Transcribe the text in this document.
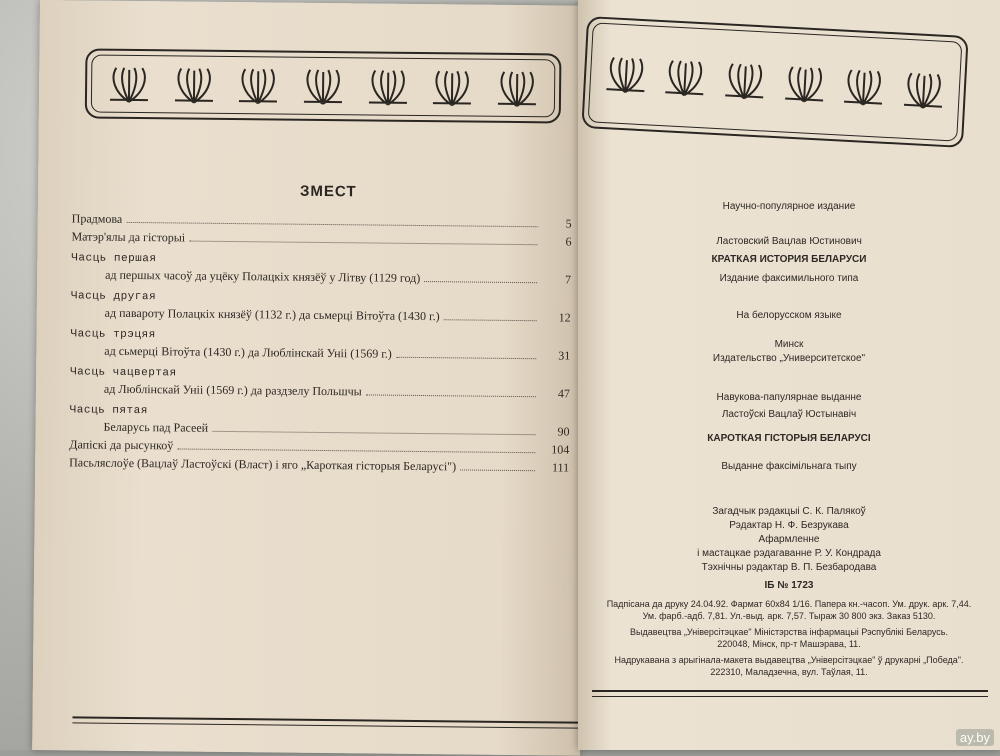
ЗМЕСТ
Прадмова	5
Матэр'ялы да гісторыі	6
Часць першая
ад першых часоў да уцёку Полацкіх князёў у Літву (1129 год)	7
Часць другая
ад паваpоту Полацкіх князёў (1132 г.) да сьмерці Вітоўта (1430 г.)	12
Часць трэцяя
ад сьмерці Вітоўта (1430 г.) да Люблінскай Уніі (1569 г.)	31
Часць чацвертая
ад Люблінскай Уніі (1569 г.) да раздзелу Польшчы	47
Часць пятая
Беларусь пад Расеей	90
Дапіскі да рысункоў	104
Пасьляслоўе (Вацлаў Ластоўскі (Власт) і яго „Кароткая гісторыя Беларусі")	111
Научно-популярное издание
Ластовский Вацлав Юстинович
КРАТКАЯ ИСТОРИЯ БЕЛАРУСИ
Издание факсимильного типа
На белорусском языке
Минск
Издательство „Университетское"
Навукова-папулярнае выданне
Ластоўскі Вацлаў Юстынавіч
КАРОТКАЯ ГІСТОРЫЯ БЕЛАРУСІ
Выданне факсімільнага тыпу
Загадчык рэдакцыі С. К. Палякоў
Рэдактар Н. Ф. Безрукава
Афармленне
і мастацкае рэдагаванне Р. У. Кондрада
Тэхнічны рэдактар В. П. Безбародава
ІБ № 1723
Падпісана да друку 24.04.92. Фармат 60x84 1/16. Папера кн.-часоп. Ум. друк. арк. 7,44.
Ум. фарб.-адб. 7,81. Ул.-выд. арк. 7,57. Тыраж 30 800 экз. Заказ 5130.
Выдавецтва „Універсітэцкае" Міністэрства інфармацыі Рэспублікі Беларусь.
220048, Мінск, пр-т Машэрава, 11.
Надрукавана з арыгінала-макета выдавецтва „Універсітэцкае" ў друкарні „Победа".
222310, Маладзечна, вул. Таўлая, 11.
ay.by
